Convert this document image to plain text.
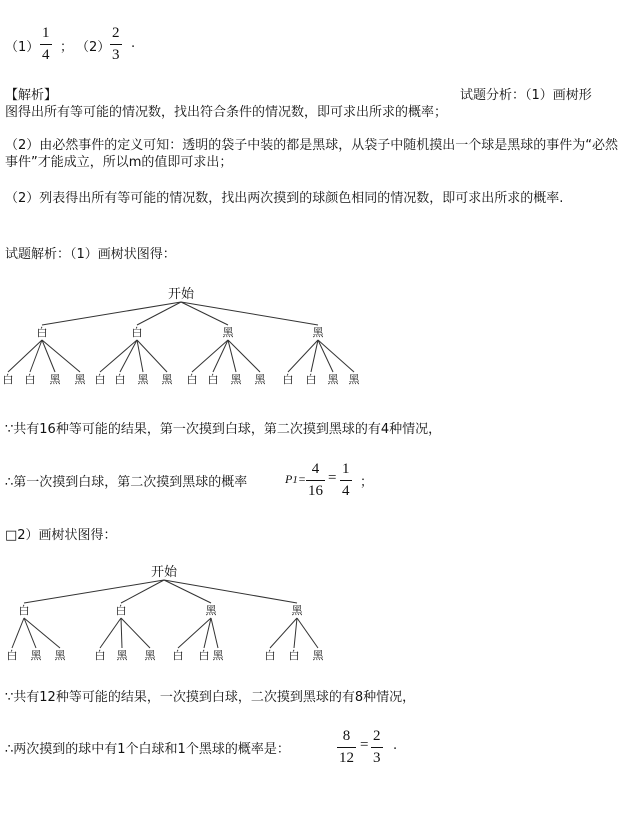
$(1) \frac{1}{4}$ ； $(2) \frac{2}{3}$ .
【解析】	试题分析：（1）画树形
图得出所有等可能的情况数，找出符合条件的情况数，即可求出所求的概率；
（2）由必然事件的定义可知：透明的袋子中装的都是黑球，从袋子中随机摸出一个球是黑球的事件为“必然事件”才能成立，所以m的值即可求出；
（2）列表得出所有等可能的情况数，找出两次摸到的球颜色相同的情况数，即可求出所求的概率.
试题解析：（1）画树状图得：
开始
白	白	黑	黑
白 白 黑 黑 白 白 黑 黑 白 白 黑 黑 白 白 黑 黑
∵共有16种等可能的结果，第一次摸到白球，第二次摸到黑球的有4种情况，
∴第一次摸到白球，第二次摸到黑球的概率	$P1= \frac{4}{16} = \frac{1}{4}$ ；
□2）画树状图得：
开始
白	白	黑	黑
白 黑 黑	白 黑 黑 白 白 黑	白 白 黑
∵共有12种等可能的结果，一次摸到白球，二次摸到黑球的有8种情况，
∴两次摸到的球中有1个白球和1个黑球的概率是：	$\frac{8}{12} = \frac{2}{3}$ .
